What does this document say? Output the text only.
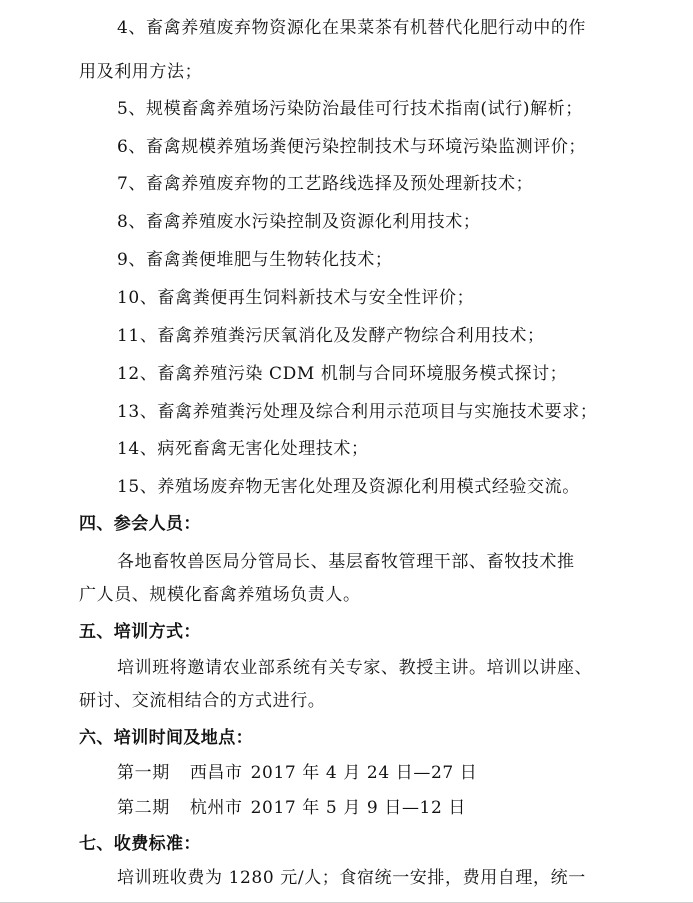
4、畜禽养殖废弃物资源化在果菜茶有机替代化肥行动中的作
用及利用方法；
5、规模畜禽养殖场污染防治最佳可行技术指南(试行)解析；
6、畜禽规模养殖场粪便污染控制技术与环境污染监测评价；
7、畜禽养殖废弃物的工艺路线选择及预处理新技术；
8、畜禽养殖废水污染控制及资源化利用技术；
9、畜禽粪便堆肥与生物转化技术；
10、畜禽粪便再生饲料新技术与安全性评价；
11、畜禽养殖粪污厌氧消化及发酵产物综合利用技术；
12、畜禽养殖污染 CDM 机制与合同环境服务模式探讨；
13、畜禽养殖粪污处理及综合利用示范项目与实施技术要求；
14、病死畜禽无害化处理技术；
15、养殖场废弃物无害化处理及资源化利用模式经验交流。
四、参会人员：
各地畜牧兽医局分管局长、基层畜牧管理干部、畜牧技术推
广人员、规模化畜禽养殖场负责人。
五、培训方式：
培训班将邀请农业部系统有关专家、教授主讲。培训以讲座、
研讨、交流相结合的方式进行。
六、培训时间及地点：
第一期 西昌市 2017 年 4 月 24 日—27 日
第二期 杭州市 2017 年 5 月 9 日—12 日
七、收费标准：
培训班收费为 1280 元/人；食宿统一安排，费用自理，统一
